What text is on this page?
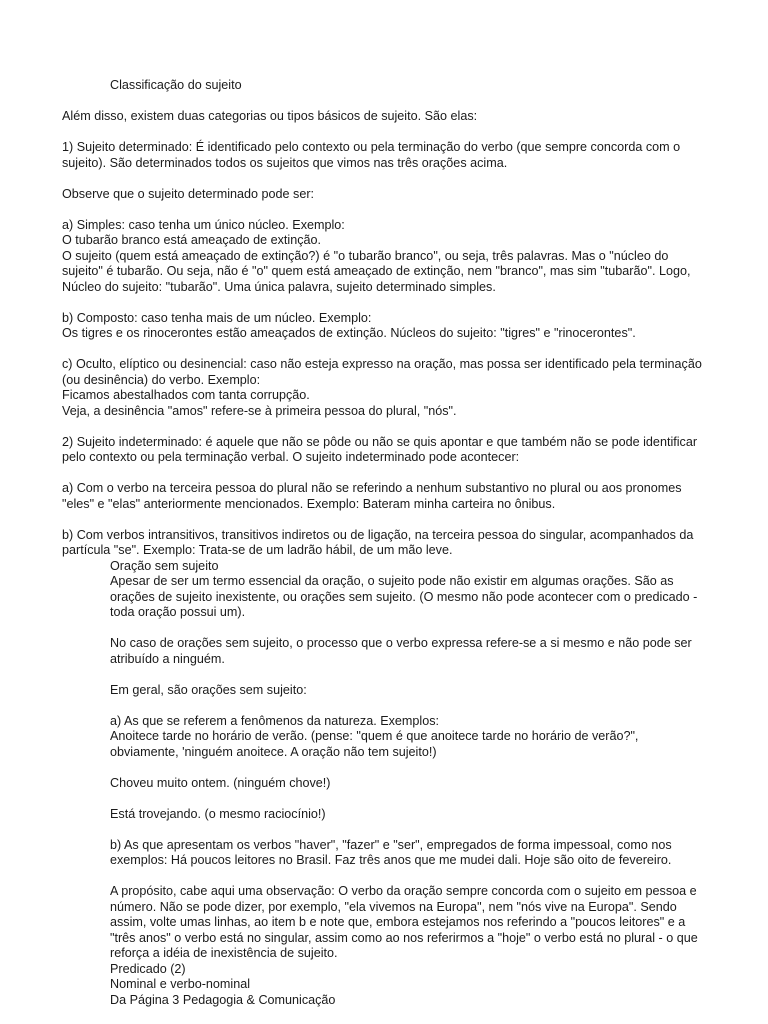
Classificação do sujeito
Além disso, existem duas categorias ou tipos básicos de sujeito. São elas:
1) Sujeito determinado: É identificado pelo contexto ou pela terminação do verbo (que sempre concorda com o
sujeito). São determinados todos os sujeitos que vimos nas três orações acima.
Observe que o sujeito determinado pode ser:
a) Simples: caso tenha um único núcleo. Exemplo:
O tubarão branco está ameaçado de extinção.
O sujeito (quem está ameaçado de extinção?) é "o tubarão branco", ou seja, três palavras. Mas o "núcleo do
sujeito" é tubarão. Ou seja, não é "o" quem está ameaçado de extinção, nem "branco", mas sim "tubarão". Logo,
Núcleo do sujeito: "tubarão". Uma única palavra, sujeito determinado simples.
b) Composto: caso tenha mais de um núcleo. Exemplo:
Os tigres e os rinocerontes estão ameaçados de extinção. Núcleos do sujeito: "tigres" e "rinocerontes".
c) Oculto, elíptico ou desinencial: caso não esteja expresso na oração, mas possa ser identificado pela terminação
(ou desinência) do verbo. Exemplo:
Ficamos abestalhados com tanta corrupção.
Veja, a desinência "amos" refere-se à primeira pessoa do plural, "nós".
2) Sujeito indeterminado: é aquele que não se pôde ou não se quis apontar e que também não se pode identificar
pelo contexto ou pela terminação verbal. O sujeito indeterminado pode acontecer:
a) Com o verbo na terceira pessoa do plural não se referindo a nenhum substantivo no plural ou aos pronomes
"eles" e "elas" anteriormente mencionados. Exemplo: Bateram minha carteira no ônibus.
b) Com verbos intransitivos, transitivos indiretos ou de ligação, na terceira pessoa do singular, acompanhados da
partícula "se". Exemplo: Trata-se de um ladrão hábil, de um mão leve.
Oração sem sujeito
Apesar de ser um termo essencial da oração, o sujeito pode não existir em algumas orações. São as
orações de sujeito inexistente, ou orações sem sujeito. (O mesmo não pode acontecer com o predicado -
toda oração possui um).
No caso de orações sem sujeito, o processo que o verbo expressa refere-se a si mesmo e não pode ser
atribuído a ninguém.
Em geral, são orações sem sujeito:
a) As que se referem a fenômenos da natureza. Exemplos:
Anoitece tarde no horário de verão. (pense: "quem é que anoitece tarde no horário de verão?",
obviamente, 'ninguém anoitece. A oração não tem sujeito!)
Choveu muito ontem. (ninguém chove!)
Está trovejando. (o mesmo raciocínio!)
b) As que apresentam os verbos "haver", "fazer" e "ser", empregados de forma impessoal, como nos
exemplos: Há poucos leitores no Brasil. Faz três anos que me mudei dali. Hoje são oito de fevereiro.
A propósito, cabe aqui uma observação: O verbo da oração sempre concorda com o sujeito em pessoa e
número. Não se pode dizer, por exemplo, "ela vivemos na Europa", nem "nós vive na Europa". Sendo
assim, volte umas linhas, ao item b e note que, embora estejamos nos referindo a "poucos leitores" e a
"três anos" o verbo está no singular, assim como ao nos referirmos a "hoje" o verbo está no plural - o que
reforça a idéia de inexistência de sujeito.
Predicado (2)
Nominal e verbo-nominal
Da Página 3 Pedagogia & Comunicação
